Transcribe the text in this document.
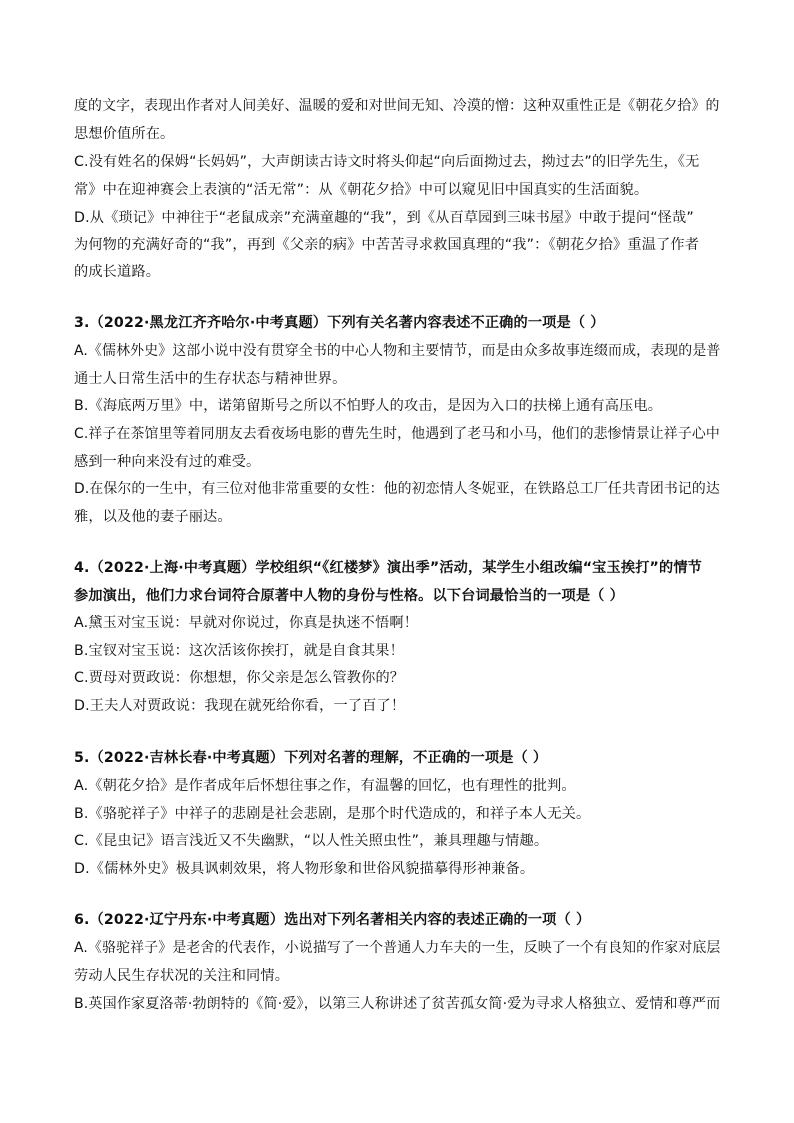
度的文字，表现出作者对人间美好、温暖的爱和对世间无知、冷漠的憎：这种双重性正是《朝花夕拾》的
思想价值所在。
C.没有姓名的保姆“长妈妈”，大声朗读古诗文时将头仰起“向后面拗过去，拗过去”的旧学先生，《无
常》中在迎神赛会上表演的“活无常”：从《朝花夕拾》中可以窥见旧中国真实的生活面貌。
D.从《琐记》中神往于“老鼠成亲”充满童趣的“我”，到《从百草园到三味书屋》中敢于提问“怪哉”
为何物的充满好奇的“我”，再到《父亲的病》中苦苦寻求救国真理的“我”：《朝花夕拾》重温了作者
的成长道路。
3.（2022·黑龙江齐齐哈尔·中考真题）下列有关名著内容表述不正确的一项是（ ）
A.《儒林外史》这部小说中没有贯穿全书的中心人物和主要情节，而是由众多故事连缀而成，表现的是普
通士人日常生活中的生存状态与精神世界。
B.《海底两万里》中，诺第留斯号之所以不怕野人的攻击，是因为入口的扶梯上通有高压电。
C.祥子在茶馆里等着同朋友去看夜场电影的曹先生时，他遇到了老马和小马，他们的悲惨情景让祥子心中
感到一种向来没有过的难受。
D.在保尔的一生中，有三位对他非常重要的女性：他的初恋情人冬妮亚，在铁路总工厂任共青团书记的达
雅，以及他的妻子丽达。
4.（2022·上海·中考真题）学校组织“《红楼梦》演出季”活动，某学生小组改编“宝玉挨打”的情节
参加演出，他们力求台词符合原著中人物的身份与性格。以下台词最恰当的一项是（ ）
A.黛玉对宝玉说：早就对你说过，你真是执迷不悟啊！
B.宝钗对宝玉说：这次活该你挨打，就是自食其果！
C.贾母对贾政说：你想想，你父亲是怎么管教你的？
D.王夫人对贾政说：我现在就死给你看，一了百了！
5.（2022·吉林长春·中考真题）下列对名著的理解，不正确的一项是（ ）
A.《朝花夕拾》是作者成年后怀想往事之作，有温馨的回忆，也有理性的批判。
B.《骆驼祥子》中祥子的悲剧是社会悲剧，是那个时代造成的，和祥子本人无关。
C.《昆虫记》语言浅近又不失幽默，“以人性关照虫性”，兼具理趣与情趣。
D.《儒林外史》极具讽刺效果，将人物形象和世俗风貌描摹得形神兼备。
6.（2022·辽宁丹东·中考真题）选出对下列名著相关内容的表述正确的一项（ ）
A.《骆驼祥子》是老舍的代表作，小说描写了一个普通人力车夫的一生，反映了一个有良知的作家对底层
劳动人民生存状况的关注和同情。
B.英国作家夏洛蒂·勃朗特的《简·爱》，以第三人称讲述了贫苦孤女简·爱为寻求人格独立、爱情和尊严而
